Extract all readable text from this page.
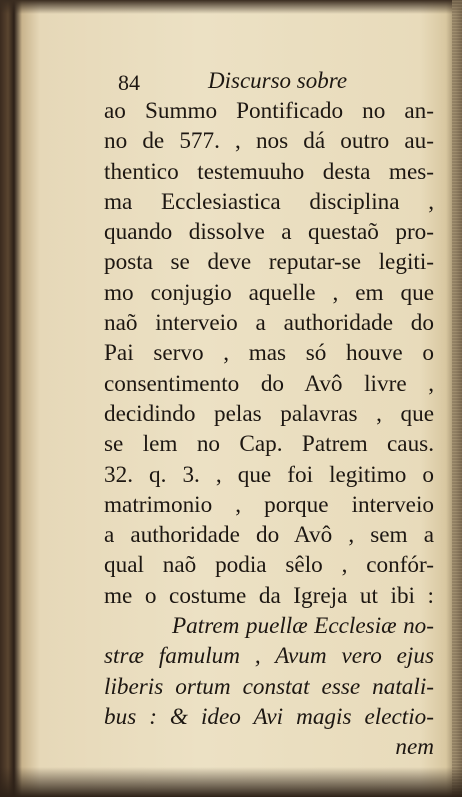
84	Discurso sobre
ao Summo Pontificado no an-
no de 577. , nos dá outro au-
thentico testemuuho desta mes-
ma Ecclesiastica disciplina ,
quando dissolve a questaõ pro-
posta se deve reputar-se legiti-
mo conjugio aquelle , em que
naõ interveio a authoridade do
Pai servo , mas só houve o
consentimento do Avô livre ,
decidindo pelas palavras , que
se lem no Cap. Patrem caus.
32. q. 3. , que foi legitimo o
matrimonio , porque interveio
a authoridade do Avô , sem a
qual naõ podia sêlo , confór-
me o costume da Igreja ut ibi :
Patrem puellæ Ecclesiæ no-
stræ famulum , Avum vero ejus
liberis ortum constat esse natali-
bus : & ideo Avi magis electio-
nem
